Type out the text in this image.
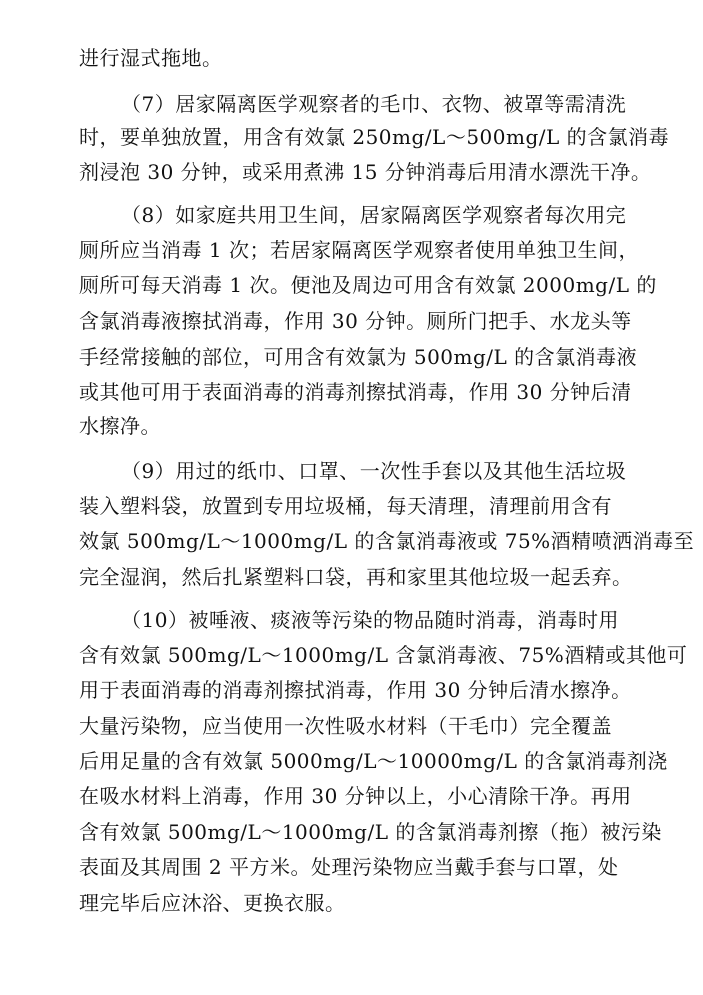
进行湿式拖地。
（7）居家隔离医学观察者的毛巾、衣物、被罩等需清洗
时，要单独放置，用含有效氯 250mg/L～500mg/L 的含氯消毒
剂浸泡 30 分钟，或采用煮沸 15 分钟消毒后用清水漂洗干净。
（8）如家庭共用卫生间，居家隔离医学观察者每次用完
厕所应当消毒 1 次；若居家隔离医学观察者使用单独卫生间，
厕所可每天消毒 1 次。便池及周边可用含有效氯 2000mg/L 的
含氯消毒液擦拭消毒，作用 30 分钟。厕所门把手、水龙头等
手经常接触的部位，可用含有效氯为 500mg/L 的含氯消毒液
或其他可用于表面消毒的消毒剂擦拭消毒，作用 30 分钟后清
水擦净。
（9）用过的纸巾、口罩、一次性手套以及其他生活垃圾
装入塑料袋，放置到专用垃圾桶，每天清理，清理前用含有
效氯 500mg/L～1000mg/L 的含氯消毒液或 75%酒精喷洒消毒至
完全湿润，然后扎紧塑料口袋，再和家里其他垃圾一起丢弃。
（10）被唾液、痰液等污染的物品随时消毒，消毒时用
含有效氯 500mg/L～1000mg/L 含氯消毒液、75%酒精或其他可
用于表面消毒的消毒剂擦拭消毒，作用 30 分钟后清水擦净。
大量污染物，应当使用一次性吸水材料（干毛巾）完全覆盖
后用足量的含有效氯 5000mg/L～10000mg/L 的含氯消毒剂浇
在吸水材料上消毒，作用 30 分钟以上，小心清除干净。再用
含有效氯 500mg/L～1000mg/L 的含氯消毒剂擦（拖）被污染
表面及其周围 2 平方米。处理污染物应当戴手套与口罩，处
理完毕后应沐浴、更换衣服。
